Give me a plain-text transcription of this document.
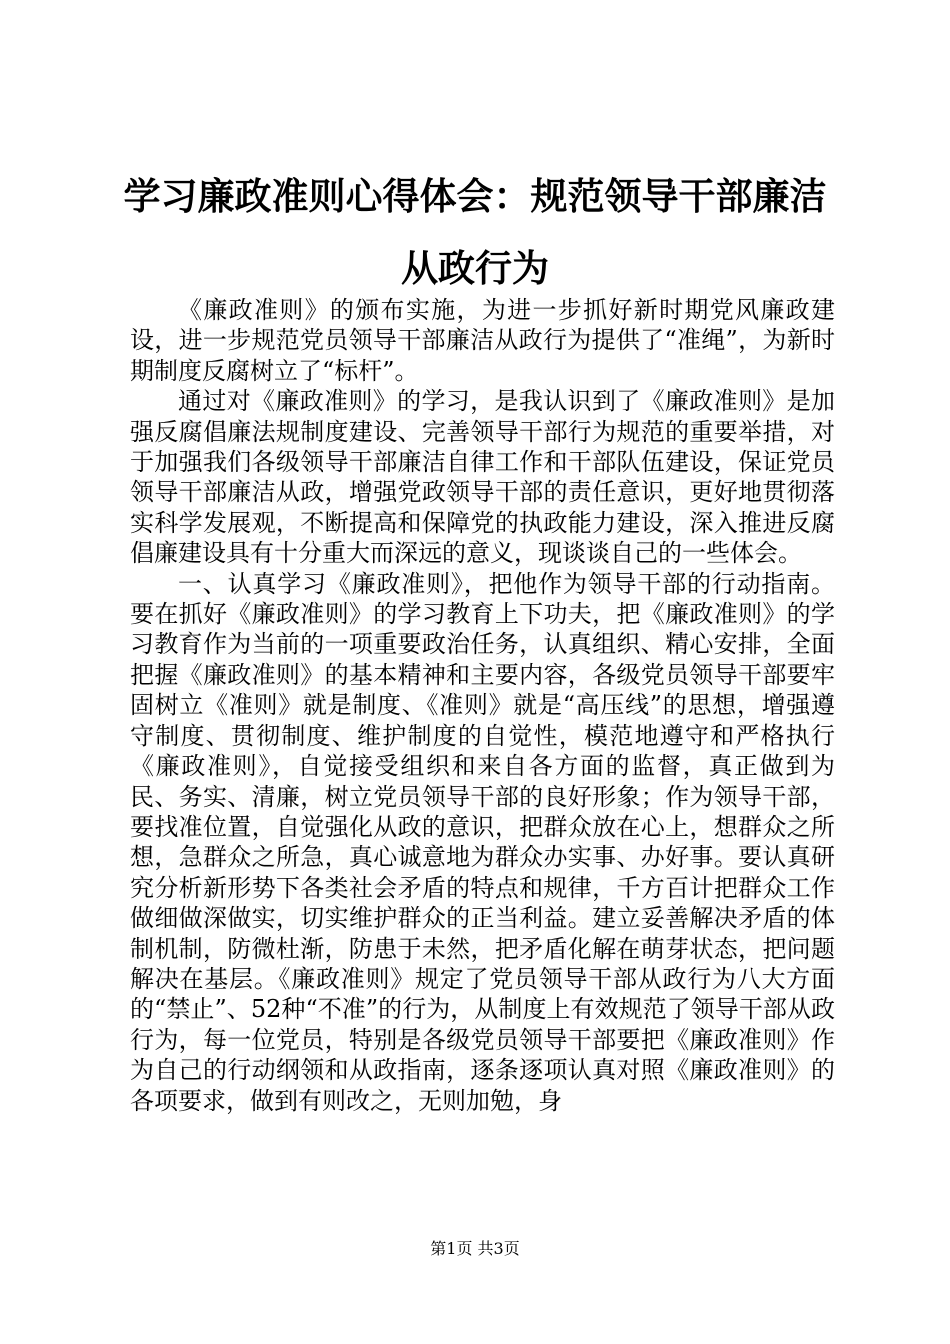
学习廉政准则心得体会：规范领导干部廉洁从政行为

《廉政准则》的颁布实施，为进一步抓好新时期党风廉政建设，进一步规范党员领导干部廉洁从政行为提供了“准绳”，为新时期制度反腐树立了“标杆”。

通过对《廉政准则》的学习，是我认识到了《廉政准则》是加强反腐倡廉法规制度建设、完善领导干部行为规范的重要举措，对于加强我们各级领导干部廉洁自律工作和干部队伍建设，保证党员领导干部廉洁从政，增强党政领导干部的责任意识，更好地贯彻落实科学发展观，不断提高和保障党的执政能力建设，深入推进反腐倡廉建设具有十分重大而深远的意义，现谈谈自己的一些体会。

一、认真学习《廉政准则》，把他作为领导干部的行动指南。要在抓好《廉政准则》的学习教育上下功夫，把《廉政准则》的学习教育作为当前的一项重要政治任务，认真组织、精心安排，全面把握《廉政准则》的基本精神和主要内容，各级党员领导干部要牢固树立《准则》就是制度、《准则》就是“高压线”的思想，增强遵守制度、贯彻制度、维护制度的自觉性，模范地遵守和严格执行《廉政准则》，自觉接受组织和来自各方面的监督，真正做到为民、务实、清廉，树立党员领导干部的良好形象；作为领导干部，要找准位置，自觉强化从政的意识，把群众放在心上，想群众之所想，急群众之所急，真心诚意地为群众办实事、办好事。要认真研究分析新形势下各类社会矛盾的特点和规律，千方百计把群众工作做细做深做实，切实维护群众的正当利益。建立妥善解决矛盾的体制机制，防微杜渐，防患于未然，把矛盾化解在萌芽状态，把问题解决在基层。《廉政准则》规定了党员领导干部从政行为八大方面的“禁止”、52种“不准”的行为，从制度上有效规范了领导干部从政行为，每一位党员，特别是各级党员领导干部要把《廉政准则》作为自己的行动纲领和从政指南，逐条逐项认真对照《廉政准则》的各项要求，做到有则改之，无则加勉，身

第1页 共3页
